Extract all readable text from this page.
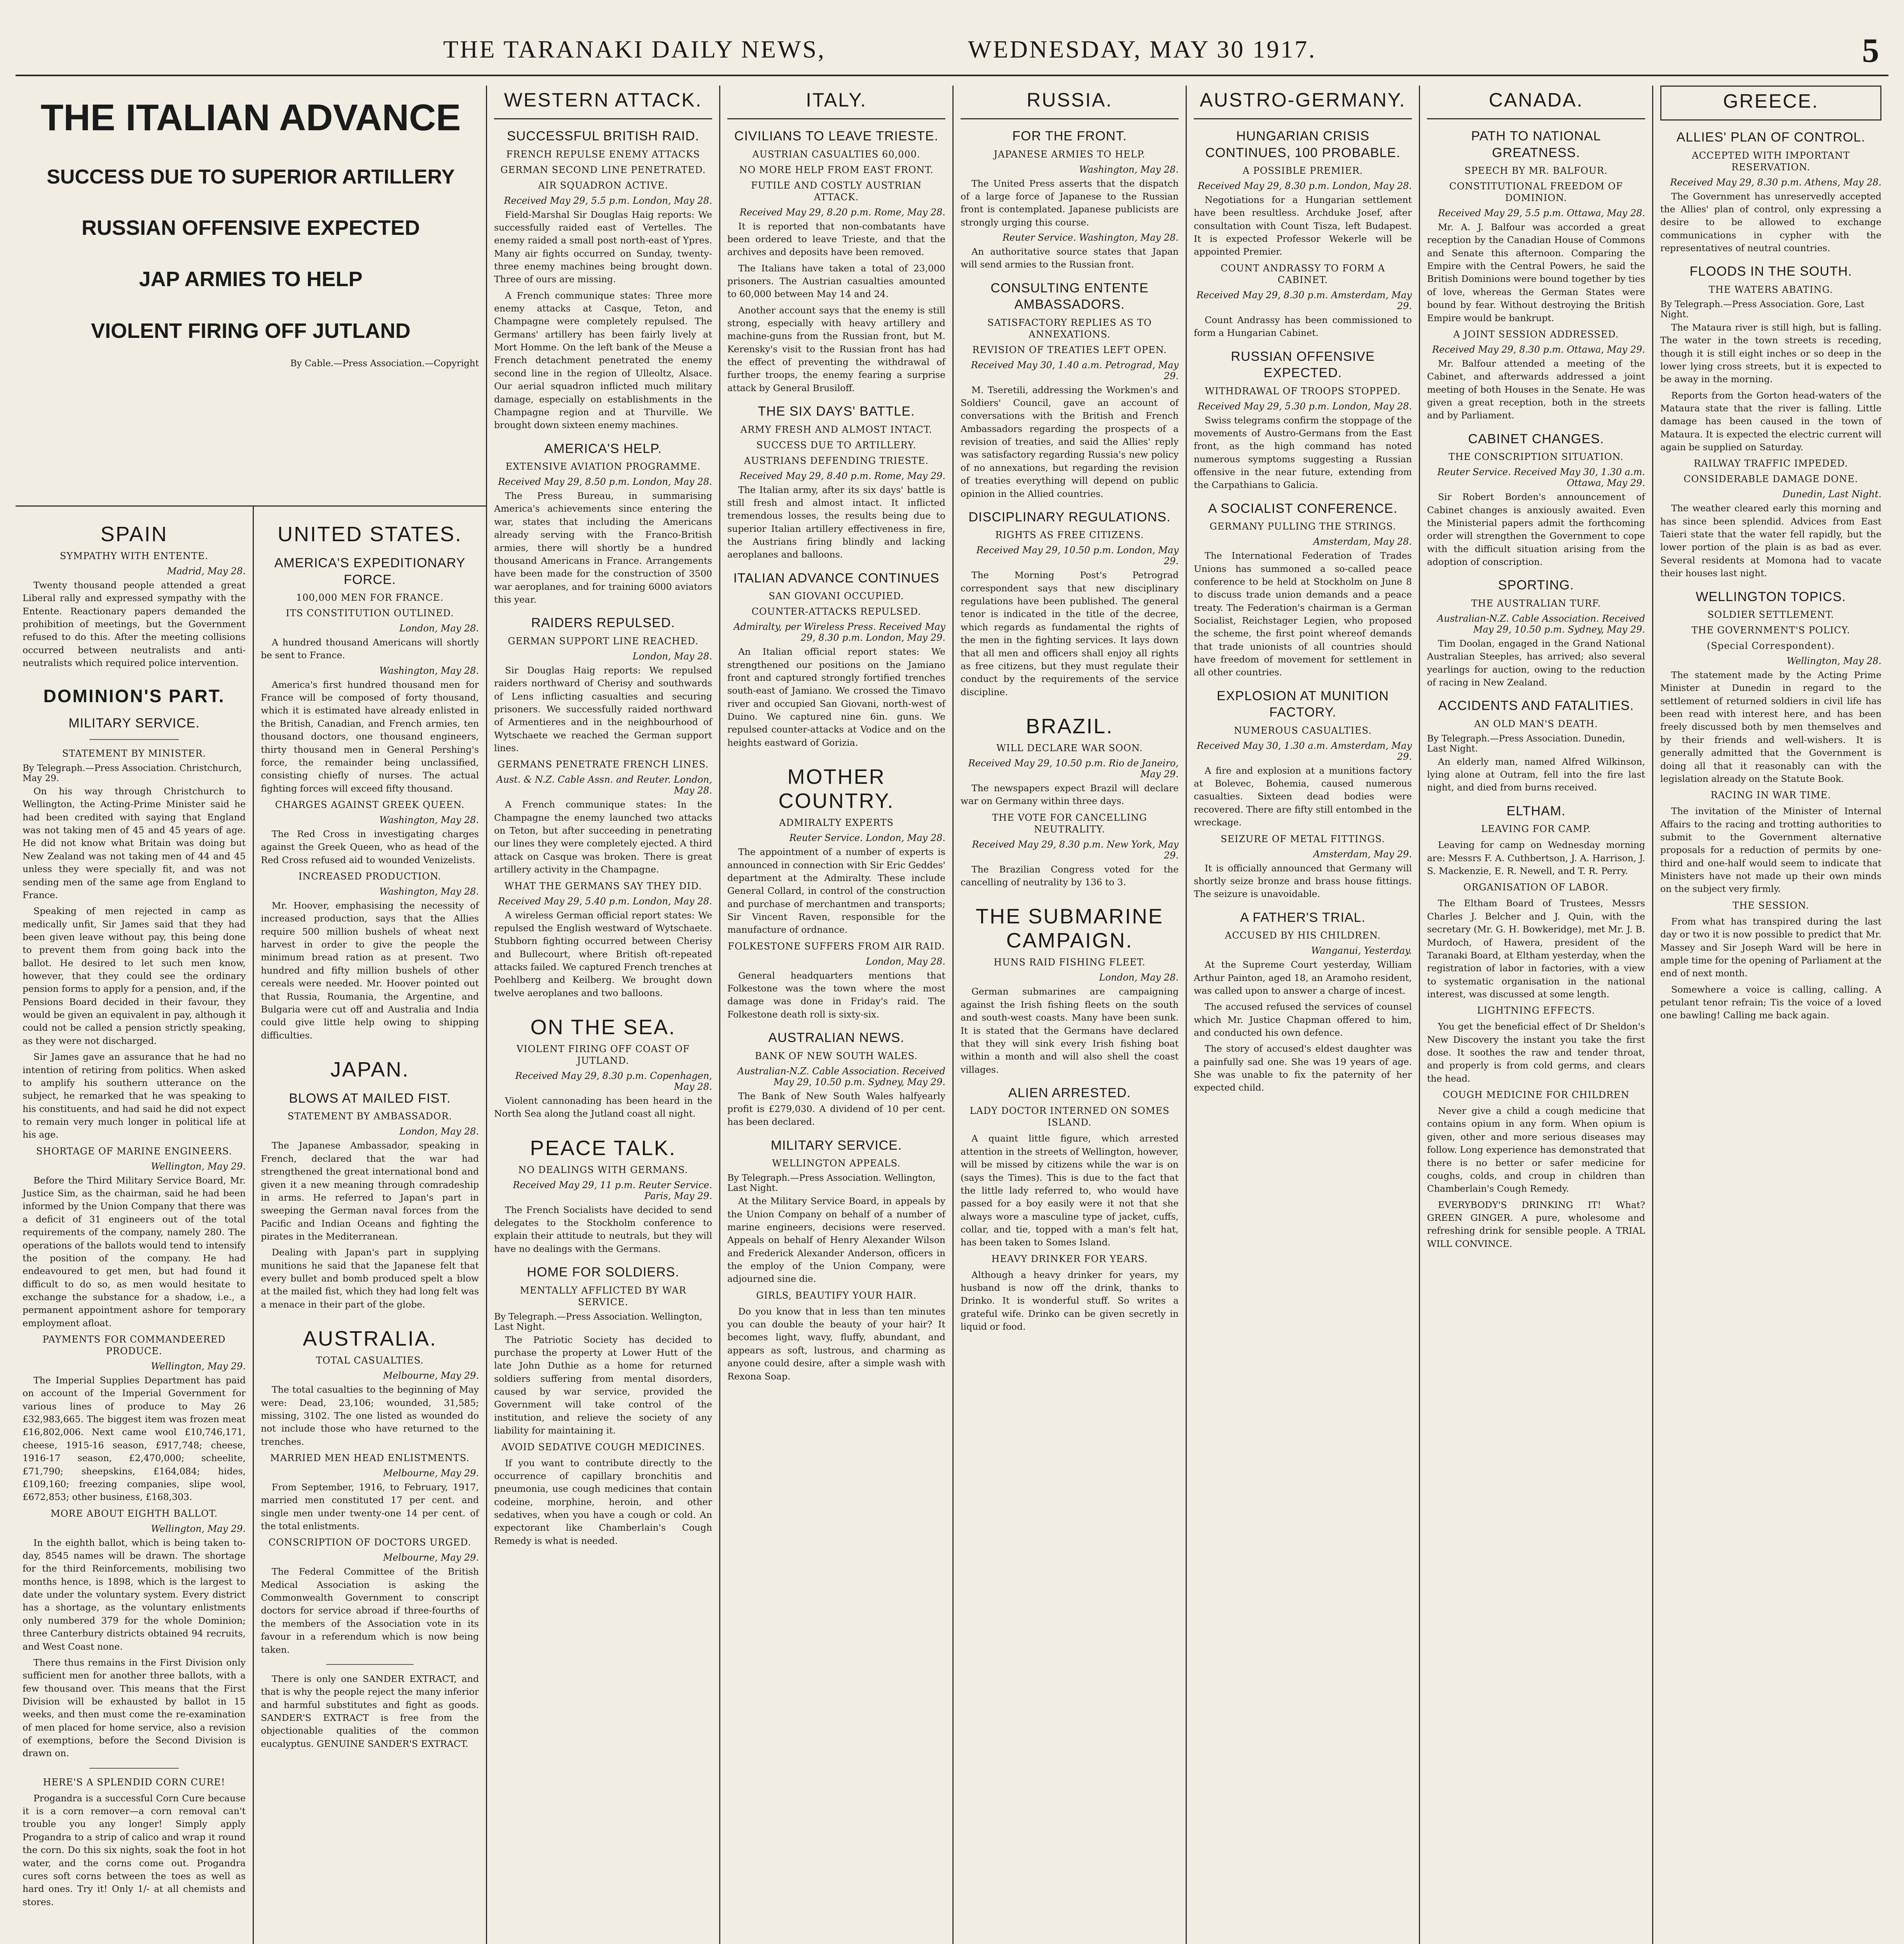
THE TARANAKI DAILY NEWS,	WEDNESDAY, MAY 30 1917.	5
THE ITALIAN ADVANCE
SUCCESS DUE TO SUPERIOR ARTILLERY
RUSSIAN OFFENSIVE EXPECTED
JAP ARMIES TO HELP
VIOLENT FIRING OFF JUTLAND
By Cable.—Press Association.—Copyright
SPAIN
SYMPATHY WITH ENTENTE.
Madrid, May 28.

Twenty thousand people attended a great Liberal rally and expressed sympathy with the Entente. Reactionary papers demanded the prohibition of meetings, but the Government refused to do this. After the meeting collisions occurred between neutralists and anti-neutralists which required police intervention.

DOMINION'S PART.
MILITARY SERVICE.
STATEMENT BY MINISTER.
By Telegraph.—Press Association. Christchurch, May 29.

On his way through Christchurch to Wellington, the Acting-Prime Minister said he had been credited with saying that England was not taking men of 45 and 45 years of age. He did not know what Britain was doing but New Zealand was not taking men of 44 and 45 unless they were specially fit, and was not sending men of the same age from England to France.

Speaking of men rejected in camp as medically unfit, Sir James said that they had been given leave without pay, this being done to prevent them from going back into the ballot. He desired to let such men know, however, that they could see the ordinary pension forms to apply for a pension, and, if the Pensions Board decided in their favour, they would be given an equivalent in pay, although it could not be called a pension strictly speaking, as they were not discharged.

Sir James gave an assurance that he had no intention of retiring from politics. When asked to amplify his southern utterance on the subject, he remarked that he was speaking to his constituents, and had said he did not expect to remain very much longer in political life at his age.

SHORTAGE OF MARINE ENGINEERS.
Wellington, May 29.

Before the Third Military Service Board, Mr. Justice Sim, as the chairman, said he had been informed by the Union Company that there was a deficit of 31 engineers out of the total requirements of the company, namely 280. The operations of the ballots would tend to intensify the position of the company. He had endeavoured to get men, but had found it difficult to do so, as men would hesitate to exchange the substance for a shadow, i.e., a permanent appointment ashore for temporary employment afloat.

PAYMENTS FOR COMMANDEERED PRODUCE.
Wellington, May 29.

The Imperial Supplies Department has paid on account of the Imperial Government for various lines of produce to May 26 £32,983,665. The biggest item was frozen meat £16,802,006. Next came wool £10,746,171, cheese, 1915-16 season, £917,748; cheese, 1916-17 season, £2,470,000; scheelite, £71,790; sheepskins, £164,084; hides, £109,160; freezing companies, slipe wool, £672,853; other business, £168,303.

MORE ABOUT EIGHTH BALLOT.
Wellington, May 29.

In the eighth ballot, which is being taken to-day, 8545 names will be drawn. The shortage for the third Reinforcements, mobilising two months hence, is 1898, which is the largest to date under the voluntary system. Every district has a shortage, as the voluntary enlistments only numbered 379 for the whole Dominion; three Canterbury districts obtained 94 recruits, and West Coast none.

There thus remains in the First Division only sufficient men for another three ballots, with a few thousand over. This means that the First Division will be exhausted by ballot in 15 weeks, and then must come the re-examination of men placed for home service, also a revision of exemptions, before the Second Division is drawn on.

HERE'S A SPLENDID CORN CURE!

Progandra is a successful Corn Cure because it is a corn remover—a corn removal can't trouble you any longer! Simply apply Progandra to a strip of calico and wrap it round the corn. Do this six nights, soak the foot in hot water, and the corns come out. Progandra cures soft corns between the toes as well as hard ones. Try it! Only 1/- at all chemists and stores.

UNITED STATES.
AMERICA'S EXPEDITIONARY FORCE.
100,000 MEN FOR FRANCE.
ITS CONSTITUTION OUTLINED.
London, May 28.

A hundred thousand Americans will shortly be sent to France.

Washington, May 28.

America's first hundred thousand men for France will be composed of forty thousand, which it is estimated have already enlisted in the British, Canadian, and French armies, ten thousand doctors, one thousand engineers, thirty thousand men in General Pershing's force, the remainder being unclassified, consisting chiefly of nurses. The actual fighting forces will exceed fifty thousand.

CHARGES AGAINST GREEK QUEEN.
Washington, May 28.

The Red Cross in investigating charges against the Greek Queen, who as head of the Red Cross refused aid to wounded Venizelists.

INCREASED PRODUCTION.
Washington, May 28.

Mr. Hoover, emphasising the necessity of increased production, says that the Allies require 500 million bushels of wheat next harvest in order to give the people the minimum bread ration as at present. Two hundred and fifty million bushels of other cereals were needed. Mr. Hoover pointed out that Russia, Roumania, the Argentine, and Bulgaria were cut off and Australia and India could give little help owing to shipping difficulties.

JAPAN.
BLOWS AT MAILED FIST.
STATEMENT BY AMBASSADOR.
London, May 28.

The Japanese Ambassador, speaking in French, declared that the war had strengthened the great international bond and given it a new meaning through comradeship in arms. He referred to Japan's part in sweeping the German naval forces from the Pacific and Indian Oceans and fighting the pirates in the Mediterranean.

Dealing with Japan's part in supplying munitions he said that the Japanese felt that every bullet and bomb produced spelt a blow at the mailed fist, which they had long felt was a menace in their part of the globe.

AUSTRALIA.
TOTAL CASUALTIES.
Melbourne, May 29.

The total casualties to the beginning of May were: Dead, 23,106; wounded, 31,585; missing, 3102. The one listed as wounded do not include those who have returned to the trenches.

MARRIED MEN HEAD ENLISTMENTS.
Melbourne, May 29.

From September, 1916, to February, 1917, married men constituted 17 per cent. and single men under twenty-one 14 per cent. of the total enlistments.

CONSCRIPTION OF DOCTORS URGED.
Melbourne, May 29.

The Federal Committee of the British Medical Association is asking the Commonwealth Government to conscript doctors for service abroad if three-fourths of the members of the Association vote in its favour in a referendum which is now being taken.

There is only one SANDER EXTRACT, and that is why the people reject the many inferior and harmful substitutes and fight as goods. SANDER'S EXTRACT is free from the objectionable qualities of the common eucalyptus. GENUINE SANDER'S EXTRACT.

WESTERN ATTACK.
SUCCESSFUL BRITISH RAID.
FRENCH REPULSE ENEMY ATTACKS
GERMAN SECOND LINE PENETRATED.
AIR SQUADRON ACTIVE.
Received May 29, 5.5 p.m. London, May 28.

Field-Marshal Sir Douglas Haig reports: We successfully raided east of Vertelles. The enemy raided a small post north-east of Ypres. Many air fights occurred on Sunday, twenty-three enemy machines being brought down. Three of ours are missing.

A French communique states: Three more enemy attacks at Casque, Teton, and Champagne were completely repulsed. The Germans' artillery has been fairly lively at Mort Homme. On the left bank of the Meuse a French detachment penetrated the enemy second line in the region of Ulleoltz, Alsace. Our aerial squadron inflicted much military damage, especially on establishments in the Champagne region and at Thurville. We brought down sixteen enemy machines.

AMERICA'S HELP.
EXTENSIVE AVIATION PROGRAMME.
Received May 29, 8.50 p.m. London, May 28.

The Press Bureau, in summarising America's achievements since entering the war, states that including the Americans already serving with the Franco-British armies, there will shortly be a hundred thousand Americans in France. Arrangements have been made for the construction of 3500 war aeroplanes, and for training 6000 aviators this year.

RAIDERS REPULSED.
GERMAN SUPPORT LINE REACHED.
London, May 28.

Sir Douglas Haig reports: We repulsed raiders northward of Cherisy and southwards of Lens inflicting casualties and securing prisoners. We successfully raided northward of Armentieres and in the neighbourhood of Wytschaete we reached the German support lines.

GERMANS PENETRATE FRENCH LINES.
Aust. & N.Z. Cable Assn. and Reuter. London, May 28.

A French communique states: In the Champagne the enemy launched two attacks on Teton, but after succeeding in penetrating our lines they were completely ejected. A third attack on Casque was broken. There is great artillery activity in the Champagne.

WHAT THE GERMANS SAY THEY DID.
Received May 29, 5.40 p.m. London, May 28.

A wireless German official report states: We repulsed the English westward of Wytschaete. Stubborn fighting occurred between Cherisy and Bullecourt, where British oft-repeated attacks failed. We captured French trenches at Poehlberg and Keilberg. We brought down twelve aeroplanes and two balloons.

ON THE SEA.
VIOLENT FIRING OFF COAST OF JUTLAND.
Received May 29, 8.30 p.m. Copenhagen, May 28.

Violent cannonading has been heard in the North Sea along the Jutland coast all night.

PEACE TALK.
NO DEALINGS WITH GERMANS.
Received May 29, 11 p.m. Reuter Service. Paris, May 29.

The French Socialists have decided to send delegates to the Stockholm conference to explain their attitude to neutrals, but they will have no dealings with the Germans.

HOME FOR SOLDIERS.
MENTALLY AFFLICTED BY WAR SERVICE.
By Telegraph.—Press Association. Wellington, Last Night.

The Patriotic Society has decided to purchase the property at Lower Hutt of the late John Duthie as a home for returned soldiers suffering from mental disorders, caused by war service, provided the Government will take control of the institution, and relieve the society of any liability for maintaining it.

AVOID SEDATIVE COUGH MEDICINES.

If you want to contribute directly to the occurrence of capillary bronchitis and pneumonia, use cough medicines that contain codeine, morphine, heroin, and other sedatives, when you have a cough or cold. An expectorant like Chamberlain's Cough Remedy is what is needed.

ITALY.
CIVILIANS TO LEAVE TRIESTE.
AUSTRIAN CASUALTIES 60,000.
NO MORE HELP FROM EAST FRONT.
FUTILE AND COSTLY AUSTRIAN ATTACK.
Received May 29, 8.20 p.m. Rome, May 28.

It is reported that non-combatants have been ordered to leave Trieste, and that the archives and deposits have been removed.

The Italians have taken a total of 23,000 prisoners. The Austrian casualties amounted to 60,000 between May 14 and 24.

Another account says that the enemy is still strong, especially with heavy artillery and machine-guns from the Russian front, but M. Kerensky's visit to the Russian front has had the effect of preventing the withdrawal of further troops, the enemy fearing a surprise attack by General Brusiloff.

THE SIX DAYS' BATTLE.
ARMY FRESH AND ALMOST INTACT.
SUCCESS DUE TO ARTILLERY.
AUSTRIANS DEFENDING TRIESTE.
Received May 29, 8.40 p.m. Rome, May 29.

The Italian army, after its six days' battle is still fresh and almost intact. It inflicted tremendous losses, the results being due to superior Italian artillery effectiveness in fire, the Austrians firing blindly and lacking aeroplanes and balloons.

ITALIAN ADVANCE CONTINUES
SAN GIOVANI OCCUPIED.
COUNTER-ATTACKS REPULSED.
Admiralty, per Wireless Press. Received May 29, 8.30 p.m. London, May 29.

An Italian official report states: We strengthened our positions on the Jamiano front and captured strongly fortified trenches south-east of Jamiano. We crossed the Timavo river and occupied San Giovani, north-west of Duino. We captured nine 6in. guns. We repulsed counter-attacks at Vodice and on the heights eastward of Gorizia.

MOTHER COUNTRY.
ADMIRALTY EXPERTS
Reuter Service. London, May 28.

The appointment of a number of experts is announced in connection with Sir Eric Geddes' department at the Admiralty. These include General Collard, in control of the construction and purchase of merchantmen and transports; Sir Vincent Raven, responsible for the manufacture of ordnance.

FOLKESTONE SUFFERS FROM AIR RAID.
London, May 28.

General headquarters mentions that Folkestone was the town where the most damage was done in Friday's raid. The Folkestone death roll is sixty-six.

AUSTRALIAN NEWS.
BANK OF NEW SOUTH WALES.
Australian-N.Z. Cable Association. Received May 29, 10.50 p.m. Sydney, May 29.

The Bank of New South Wales halfyearly profit is £279,030. A dividend of 10 per cent. has been declared.

MILITARY SERVICE.
WELLINGTON APPEALS.
By Telegraph.—Press Association. Wellington, Last Night.

At the Military Service Board, in appeals by the Union Company on behalf of a number of marine engineers, decisions were reserved. Appeals on behalf of Henry Alexander Wilson and Frederick Alexander Anderson, officers in the employ of the Union Company, were adjourned sine die.

GIRLS, BEAUTIFY YOUR HAIR.

Do you know that in less than ten minutes you can double the beauty of your hair? It becomes light, wavy, fluffy, abundant, and appears as soft, lustrous, and charming as anyone could desire, after a simple wash with Rexona Soap.

RUSSIA.
FOR THE FRONT.
JAPANESE ARMIES TO HELP.
Washington, May 28.

The United Press asserts that the dispatch of a large force of Japanese to the Russian front is contemplated. Japanese publicists are strongly urging this course.

Reuter Service. Washington, May 28.

An authoritative source states that Japan will send armies to the Russian front.

CONSULTING ENTENTE AMBASSADORS.
SATISFACTORY REPLIES AS TO ANNEXATIONS.
REVISION OF TREATIES LEFT OPEN.
Received May 30, 1.40 a.m. Petrograd, May 29.

M. Tseretili, addressing the Workmen's and Soldiers' Council, gave an account of conversations with the British and French Ambassadors regarding the prospects of a revision of treaties, and said the Allies' reply was satisfactory regarding Russia's new policy of no annexations, but regarding the revision of treaties everything will depend on public opinion in the Allied countries.

DISCIPLINARY REGULATIONS.
RIGHTS AS FREE CITIZENS.
Received May 29, 10.50 p.m. London, May 29.

The Morning Post's Petrograd correspondent says that new disciplinary regulations have been published. The general tenor is indicated in the title of the decree, which regards as fundamental the rights of the men in the fighting services. It lays down that all men and officers shall enjoy all rights as free citizens, but they must regulate their conduct by the requirements of the service discipline.

BRAZIL.
WILL DECLARE WAR SOON.
Received May 29, 10.50 p.m. Rio de Janeiro, May 29.

The newspapers expect Brazil will declare war on Germany within three days.

THE VOTE FOR CANCELLING NEUTRALITY.
Received May 29, 8.30 p.m. New York, May 29.

The Brazilian Congress voted for the cancelling of neutrality by 136 to 3.

THE SUBMARINE CAMPAIGN.
HUNS RAID FISHING FLEET.
London, May 28.

German submarines are campaigning against the Irish fishing fleets on the south and south-west coasts. Many have been sunk. It is stated that the Germans have declared that they will sink every Irish fishing boat within a month and will also shell the coast villages.

ALIEN ARRESTED.
LADY DOCTOR INTERNED ON SOMES ISLAND.

A quaint little figure, which arrested attention in the streets of Wellington, however, will be missed by citizens while the war is on (says the Times). This is due to the fact that the little lady referred to, who would have passed for a boy easily were it not that she always wore a masculine type of jacket, cuffs, collar, and tie, topped with a man's felt hat, has been taken to Somes Island.

HEAVY DRINKER FOR YEARS.

Although a heavy drinker for years, my husband is now off the drink, thanks to Drinko. It is wonderful stuff. So writes a grateful wife. Drinko can be given secretly in liquid or food.

AUSTRO-GERMANY.
HUNGARIAN CRISIS CONTINUES, 100 PROBABLE.
A POSSIBLE PREMIER.
Received May 29, 8.30 p.m. London, May 28.

Negotiations for a Hungarian settlement have been resultless. Archduke Josef, after consultation with Count Tisza, left Budapest. It is expected Professor Wekerle will be appointed Premier.

COUNT ANDRASSY TO FORM A CABINET.
Received May 29, 8.30 p.m. Amsterdam, May 29.

Count Andrassy has been commissioned to form a Hungarian Cabinet.

RUSSIAN OFFENSIVE EXPECTED.
WITHDRAWAL OF TROOPS STOPPED.
Received May 29, 5.30 p.m. London, May 28.

Swiss telegrams confirm the stoppage of the movements of Austro-Germans from the East front, as the high command has noted numerous symptoms suggesting a Russian offensive in the near future, extending from the Carpathians to Galicia.

A SOCIALIST CONFERENCE.
GERMANY PULLING THE STRINGS.
Amsterdam, May 28.

The International Federation of Trades Unions has summoned a so-called peace conference to be held at Stockholm on June 8 to discuss trade union demands and a peace treaty. The Federation's chairman is a German Socialist, Reichstager Legien, who proposed the scheme, the first point whereof demands that trade unionists of all countries should have freedom of movement for settlement in all other countries.

EXPLOSION AT MUNITION FACTORY.
NUMEROUS CASUALTIES.
Received May 30, 1.30 a.m. Amsterdam, May 29.

A fire and explosion at a munitions factory at Bolevec, Bohemia, caused numerous casualties. Sixteen dead bodies were recovered. There are fifty still entombed in the wreckage.

SEIZURE OF METAL FITTINGS.
Amsterdam, May 29.

It is officially announced that Germany will shortly seize bronze and brass house fittings. The seizure is unavoidable.

A FATHER'S TRIAL.
ACCUSED BY HIS CHILDREN.
Wanganui, Yesterday.

At the Supreme Court yesterday, William Arthur Painton, aged 18, an Aramoho resident, was called upon to answer a charge of incest.

The accused refused the services of counsel which Mr. Justice Chapman offered to him, and conducted his own defence.

The story of accused's eldest daughter was a painfully sad one. She was 19 years of age. She was unable to fix the paternity of her expected child.

CANADA.
PATH TO NATIONAL GREATNESS.
SPEECH BY MR. BALFOUR.
CONSTITUTIONAL FREEDOM OF DOMINION.
Received May 29, 5.5 p.m. Ottawa, May 28.

Mr. A. J. Balfour was accorded a great reception by the Canadian House of Commons and Senate this afternoon. Comparing the Empire with the Central Powers, he said the British Dominions were bound together by ties of love, whereas the German States were bound by fear. Without destroying the British Empire would be bankrupt.

A JOINT SESSION ADDRESSED.
Received May 29, 8.30 p.m. Ottawa, May 29.

Mr. Balfour attended a meeting of the Cabinet, and afterwards addressed a joint meeting of both Houses in the Senate. He was given a great reception, both in the streets and by Parliament.

CABINET CHANGES.
THE CONSCRIPTION SITUATION.
Reuter Service. Received May 30, 1.30 a.m. Ottawa, May 29.

Sir Robert Borden's announcement of Cabinet changes is anxiously awaited. Even the Ministerial papers admit the forthcoming order will strengthen the Government to cope with the difficult situation arising from the adoption of conscription.

SPORTING.
THE AUSTRALIAN TURF.
Australian-N.Z. Cable Association. Received May 29, 10.50 p.m. Sydney, May 29.

Tim Doolan, engaged in the Grand National Australian Steeples, has arrived; also several yearlings for auction, owing to the reduction of racing in New Zealand.

ACCIDENTS AND FATALITIES.
AN OLD MAN'S DEATH.
By Telegraph.—Press Association. Dunedin, Last Night.

An elderly man, named Alfred Wilkinson, lying alone at Outram, fell into the fire last night, and died from burns received.

ELTHAM.
LEAVING FOR CAMP.

Leaving for camp on Wednesday morning are: Messrs F. A. Cuthbertson, J. A. Harrison, J. S. Mackenzie, E. R. Newell, and T. R. Perry.

ORGANISATION OF LABOR.

The Eltham Board of Trustees, Messrs Charles J. Belcher and J. Quin, with the secretary (Mr. G. H. Bowkeridge), met Mr. J. B. Murdoch, of Hawera, president of the Taranaki Board, at Eltham yesterday, when the registration of labor in factories, with a view to systematic organisation in the national interest, was discussed at some length.

LIGHTNING EFFECTS.

You get the beneficial effect of Dr Sheldon's New Discovery the instant you take the first dose. It soothes the raw and tender throat, and properly is from cold germs, and clears the head.

COUGH MEDICINE FOR CHILDREN

Never give a child a cough medicine that contains opium in any form. When opium is given, other and more serious diseases may follow. Long experience has demonstrated that there is no better or safer medicine for coughs, colds, and croup in children than Chamberlain's Cough Remedy.

EVERYBODY'S DRINKING IT! What? GREEN GINGER. A pure, wholesome and refreshing drink for sensible people. A TRIAL WILL CONVINCE.

GREECE.
ALLIES' PLAN OF CONTROL.
ACCEPTED WITH IMPORTANT RESERVATION.
Received May 29, 8.30 p.m. Athens, May 28.

The Government has unreservedly accepted the Allies' plan of control, only expressing a desire to be allowed to exchange communications in cypher with the representatives of neutral countries.

FLOODS IN THE SOUTH.
THE WATERS ABATING.
By Telegraph.—Press Association. Gore, Last Night.

The Mataura river is still high, but is falling. The water in the town streets is receding, though it is still eight inches or so deep in the lower lying cross streets, but it is expected to be away in the morning.

Reports from the Gorton head-waters of the Mataura state that the river is falling. Little damage has been caused in the town of Mataura. It is expected the electric current will again be supplied on Saturday.

RAILWAY TRAFFIC IMPEDED.
CONSIDERABLE DAMAGE DONE.
Dunedin, Last Night.

The weather cleared early this morning and has since been splendid. Advices from East Taieri state that the water fell rapidly, but the lower portion of the plain is as bad as ever. Several residents at Momona had to vacate their houses last night.

WELLINGTON TOPICS.
SOLDIER SETTLEMENT.
THE GOVERNMENT'S POLICY.
(Special Correspondent).
Wellington, May 28.

The statement made by the Acting Prime Minister at Dunedin in regard to the settlement of returned soldiers in civil life has been read with interest here, and has been freely discussed both by men themselves and by their friends and well-wishers. It is generally admitted that the Government is doing all that it reasonably can with the legislation already on the Statute Book.

RACING IN WAR TIME.

The invitation of the Minister of Internal Affairs to the racing and trotting authorities to submit to the Government alternative proposals for a reduction of permits by one-third and one-half would seem to indicate that Ministers have not made up their own minds on the subject very firmly.

THE SESSION.

From what has transpired during the last day or two it is now possible to predict that Mr. Massey and Sir Joseph Ward will be here in ample time for the opening of Parliament at the end of next month.

Somewhere a voice is calling, calling. A petulant tenor refrain; Tis the voice of a loved one bawling! Calling me back again.
